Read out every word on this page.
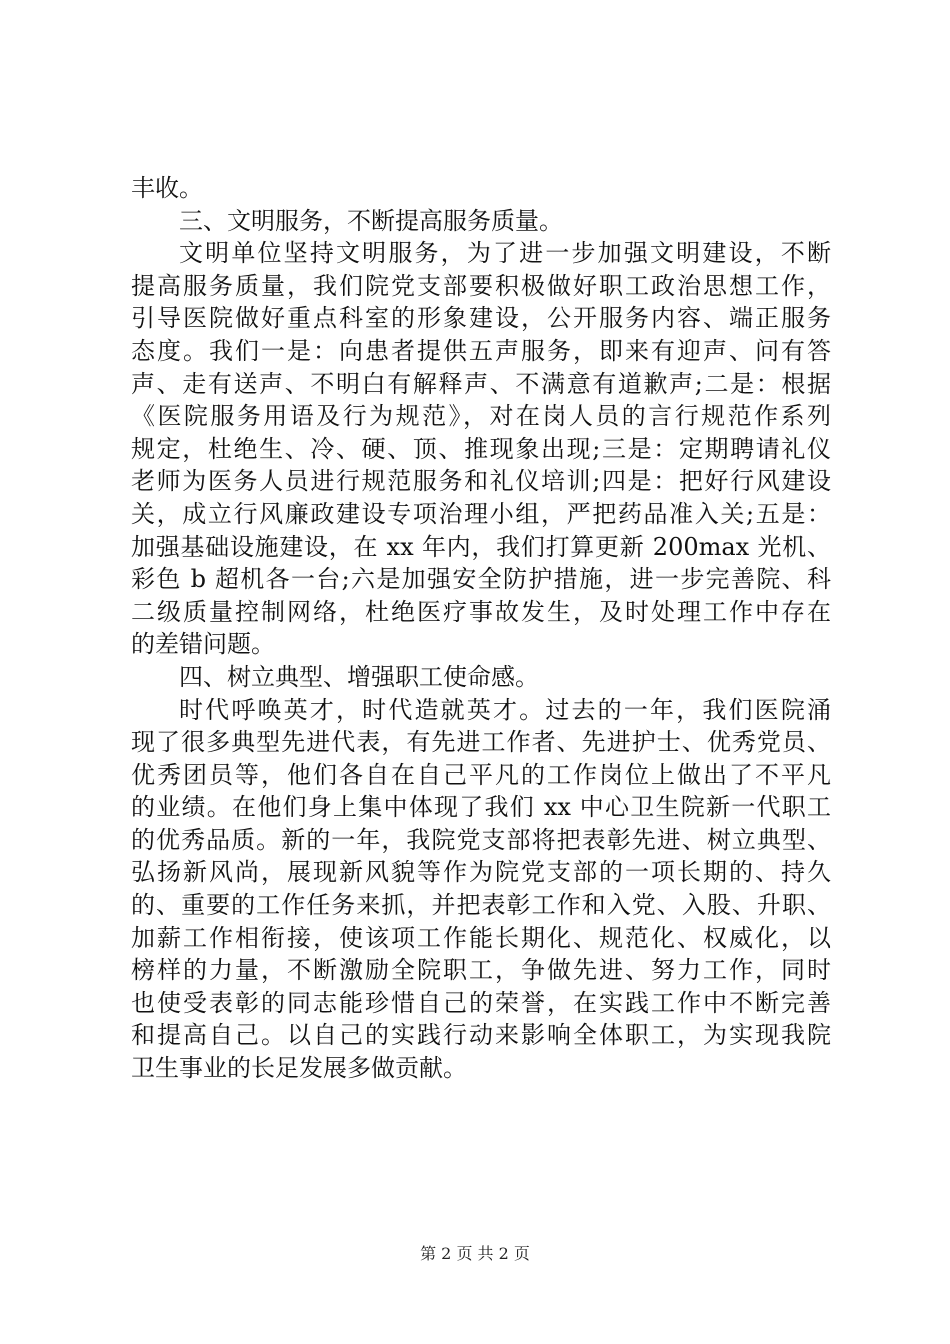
丰收。
三、文明服务，不断提高服务质量。
文明单位坚持文明服务，为了进一步加强文明建设，不断
提高服务质量，我们院党支部要积极做好职工政治思想工作，
引导医院做好重点科室的形象建设，公开服务内容、端正服务
态度。我们一是：向患者提供五声服务，即来有迎声、问有答
声、走有送声、不明白有解释声、不满意有道歉声;二是：根据
《医院服务用语及行为规范》，对在岗人员的言行规范作系列
规定，杜绝生、冷、硬、顶、推现象出现;三是：定期聘请礼仪
老师为医务人员进行规范服务和礼仪培训;四是：把好行风建设
关，成立行风廉政建设专项治理小组，严把药品准入关;五是：
加强基础设施建设，在 xx 年内，我们打算更新 200max 光机、
彩色 b 超机各一台;六是加强安全防护措施，进一步完善院、科
二级质量控制网络，杜绝医疗事故发生，及时处理工作中存在
的差错问题。
四、树立典型、增强职工使命感。
时代呼唤英才，时代造就英才。过去的一年，我们医院涌
现了很多典型先进代表，有先进工作者、先进护士、优秀党员、
优秀团员等，他们各自在自己平凡的工作岗位上做出了不平凡
的业绩。在他们身上集中体现了我们 xx 中心卫生院新一代职工
的优秀品质。新的一年，我院党支部将把表彰先进、树立典型、
弘扬新风尚，展现新风貌等作为院党支部的一项长期的、持久
的、重要的工作任务来抓，并把表彰工作和入党、入股、升职、
加薪工作相衔接，使该项工作能长期化、规范化、权威化，以
榜样的力量，不断激励全院职工，争做先进、努力工作，同时
也使受表彰的同志能珍惜自己的荣誉，在实践工作中不断完善
和提高自己。以自己的实践行动来影响全体职工，为实现我院
卫生事业的长足发展多做贡献。
第 2 页 共 2 页
